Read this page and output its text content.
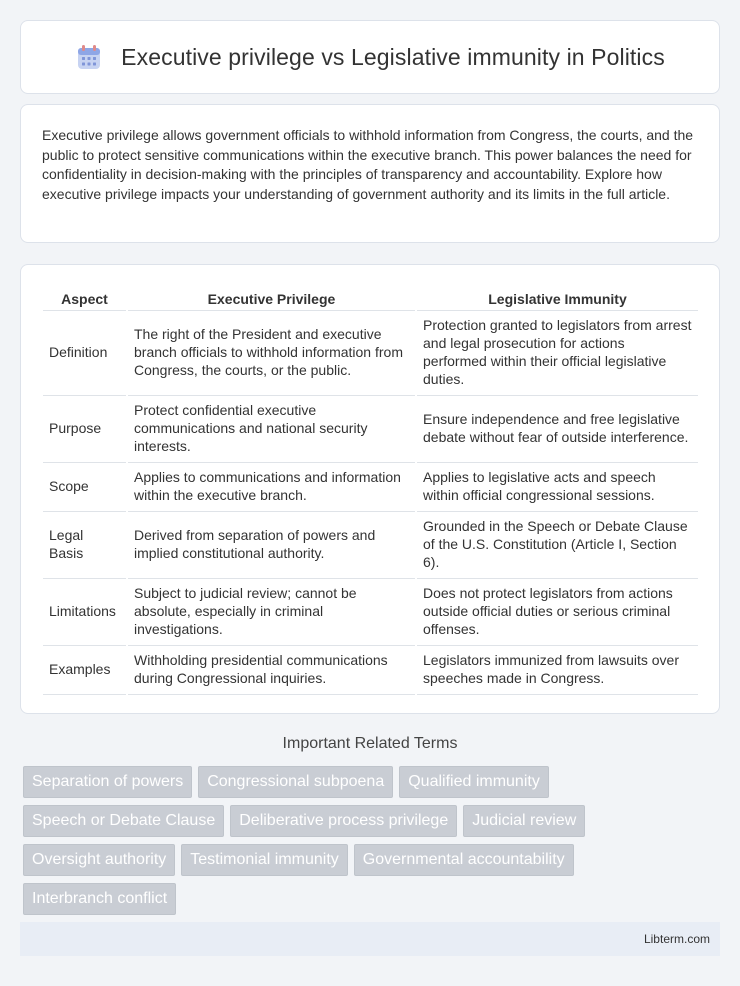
Executive privilege vs Legislative immunity in Politics

Executive privilege allows government officials to withhold information from Congress, the courts, and the public to protect sensitive communications within the executive branch. This power balances the need for confidentiality in decision-making with the principles of transparency and accountability. Explore how executive privilege impacts your understanding of government authority and its limits in the full article.

Aspect	Executive Privilege	Legislative Immunity
Definition	The right of the President and executive branch officials to withhold information from Congress, the courts, or the public.	Protection granted to legislators from arrest and legal prosecution for actions performed within their official legislative duties.
Purpose	Protect confidential executive communications and national security interests.	Ensure independence and free legislative debate without fear of outside interference.
Scope	Applies to communications and information within the executive branch.	Applies to legislative acts and speech within official congressional sessions.
Legal Basis	Derived from separation of powers and implied constitutional authority.	Grounded in the Speech or Debate Clause of the U.S. Constitution (Article I, Section 6).
Limitations	Subject to judicial review; cannot be absolute, especially in criminal investigations.	Does not protect legislators from actions outside official duties or serious criminal offenses.
Examples	Withholding presidential communications during Congressional inquiries.	Legislators immunized from lawsuits over speeches made in Congress.
Important Related Terms
Separation of powers	Congressional subpoena	Qualified immunity
Speech or Debate Clause	Deliberative process privilege	Judicial review
Oversight authority	Testimonial immunity	Governmental accountability
Interbranch conflict
Libterm.com
